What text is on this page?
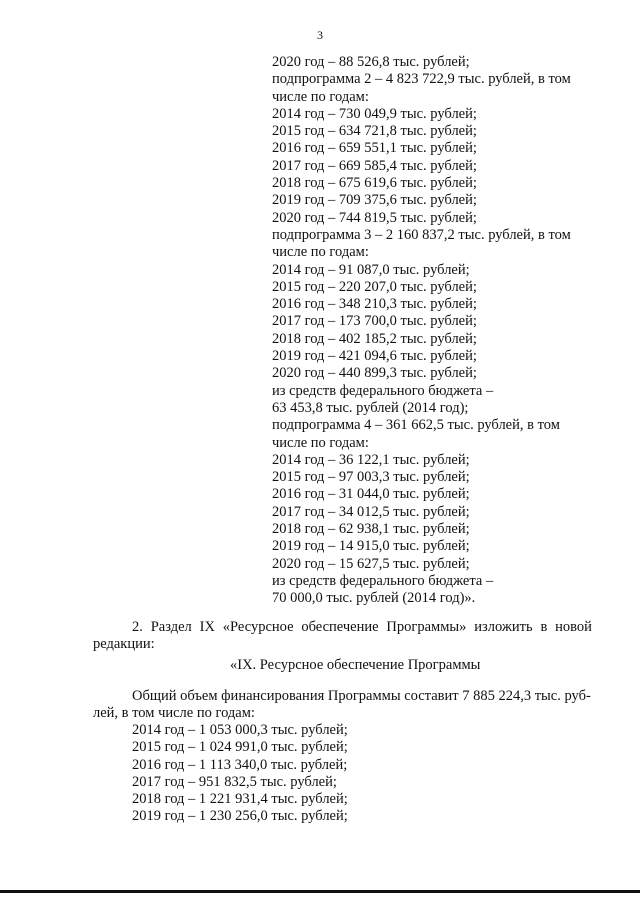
3
2020 год – 88 526,8 тыс. рублей;
подпрограмма 2 – 4 823 722,9 тыс. рублей, в том
числе по годам:
2014 год – 730 049,9 тыс. рублей;
2015 год – 634 721,8 тыс. рублей;
2016 год – 659 551,1 тыс. рублей;
2017 год – 669 585,4 тыс. рублей;
2018 год – 675 619,6 тыс. рублей;
2019 год – 709 375,6 тыс. рублей;
2020 год – 744 819,5 тыс. рублей;
подпрограмма 3 – 2 160 837,2 тыс. рублей, в том
числе по годам:
2014 год – 91 087,0 тыс. рублей;
2015 год – 220 207,0 тыс. рублей;
2016 год – 348 210,3 тыс. рублей;
2017 год – 173 700,0 тыс. рублей;
2018 год – 402 185,2 тыс. рублей;
2019 год – 421 094,6 тыс. рублей;
2020 год – 440 899,3 тыс. рублей;
из средств федерального бюджета –
63 453,8 тыс. рублей (2014 год);
подпрограмма 4 – 361 662,5 тыс. рублей, в том
числе по годам:
2014 год – 36 122,1 тыс. рублей;
2015 год – 97 003,3 тыс. рублей;
2016 год – 31 044,0 тыс. рублей;
2017 год – 34 012,5 тыс. рублей;
2018 год – 62 938,1 тыс. рублей;
2019 год – 14 915,0 тыс. рублей;
2020 год – 15 627,5 тыс. рублей;
из средств федерального бюджета –
70 000,0 тыс. рублей (2014 год)».
2. Раздел IX «Ресурсное обеспечение Программы» изложить в новой
редакции:
«IX. Ресурсное обеспечение Программы
Общий объем финансирования Программы составит 7 885 224,3 тыс. руб-
лей, в том числе по годам:
2014 год – 1 053 000,3 тыс. рублей;
2015 год – 1 024 991,0 тыс. рублей;
2016 год – 1 113 340,0 тыс. рублей;
2017 год – 951 832,5 тыс. рублей;
2018 год – 1 221 931,4 тыс. рублей;
2019 год – 1 230 256,0 тыс. рублей;
